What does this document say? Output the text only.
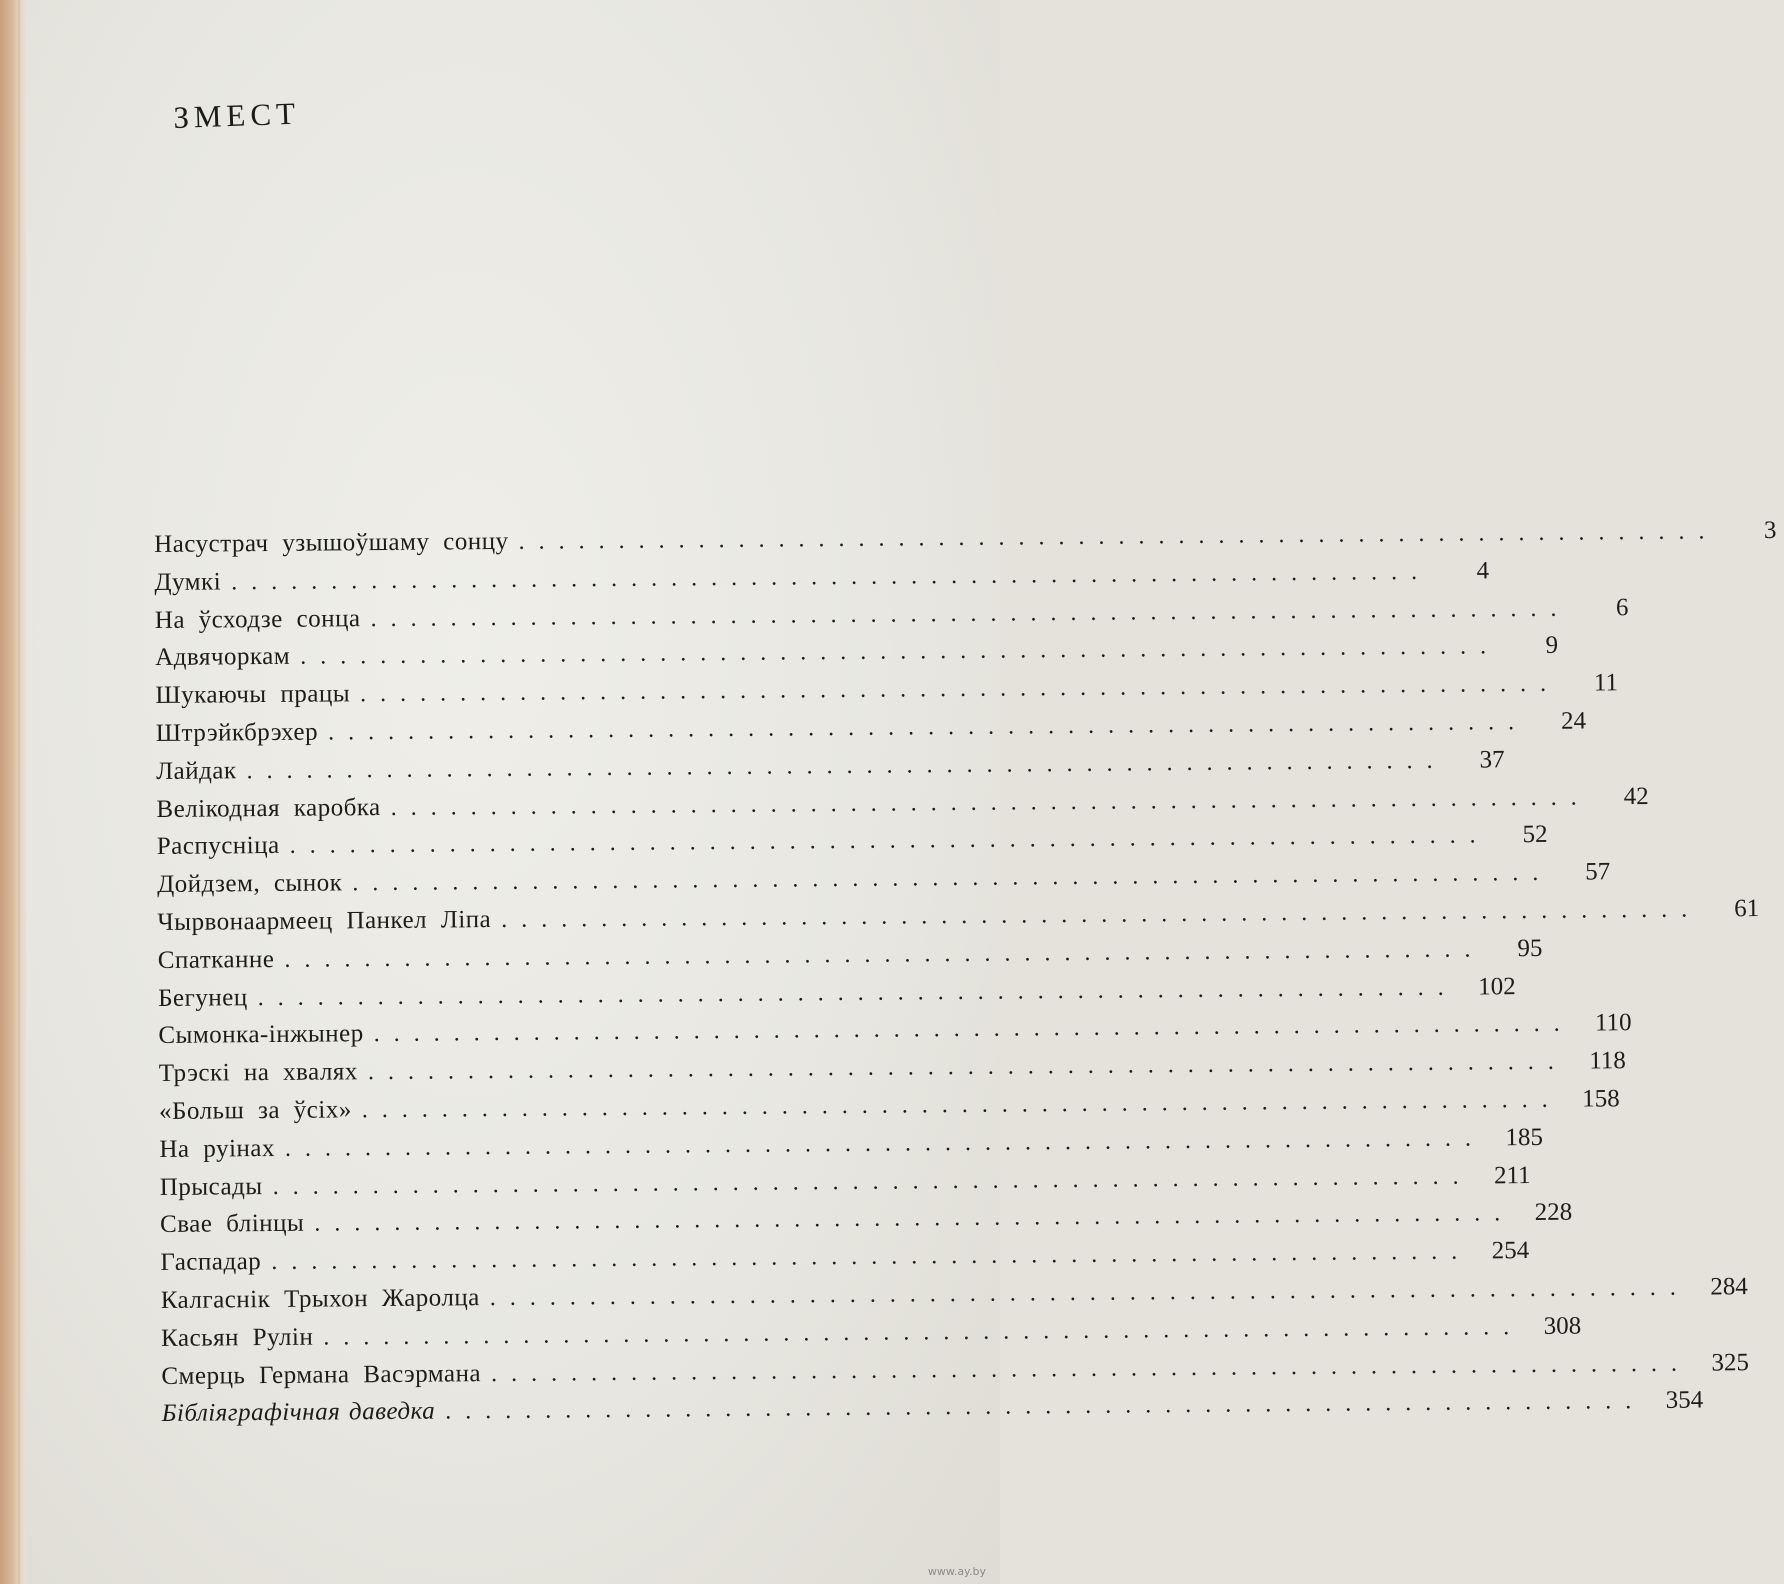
ЗМЕСТ
Насустрач узышоўшаму сонцу ............................................................	3
Думкі ............................................................	4
На ўсходзе сонца ............................................................	6
Адвячоркам ............................................................	9
Шукаючы працы ............................................................	11
Штрэйкбрэхер ............................................................	24
Лайдак ............................................................	37
Велікодная каробка ............................................................	42
Распусніца ............................................................	52
Дойдзем, сынок ............................................................	57
Чырвонаармеец Панкел Ліпа ............................................................	61
Спатканне ............................................................	95
Бегунец ............................................................ 102
Сымонка-інжынер ............................................................ 110
Трэскі на хвалях ............................................................ 118
«Больш за ўсіх» ............................................................ 158
На руінах ............................................................ 185
Прысады ............................................................ 211
Свае блінцы ............................................................ 228
Гаспадар ............................................................ 254
Калгаснік Трыхон Жаролца ............................................................ 284
Касьян Рулін ............................................................ 308
Смерць Германа Васэрмана ............................................................ 325
Бібліяграфічная даведка ............................................................ 354
www.ay.by
